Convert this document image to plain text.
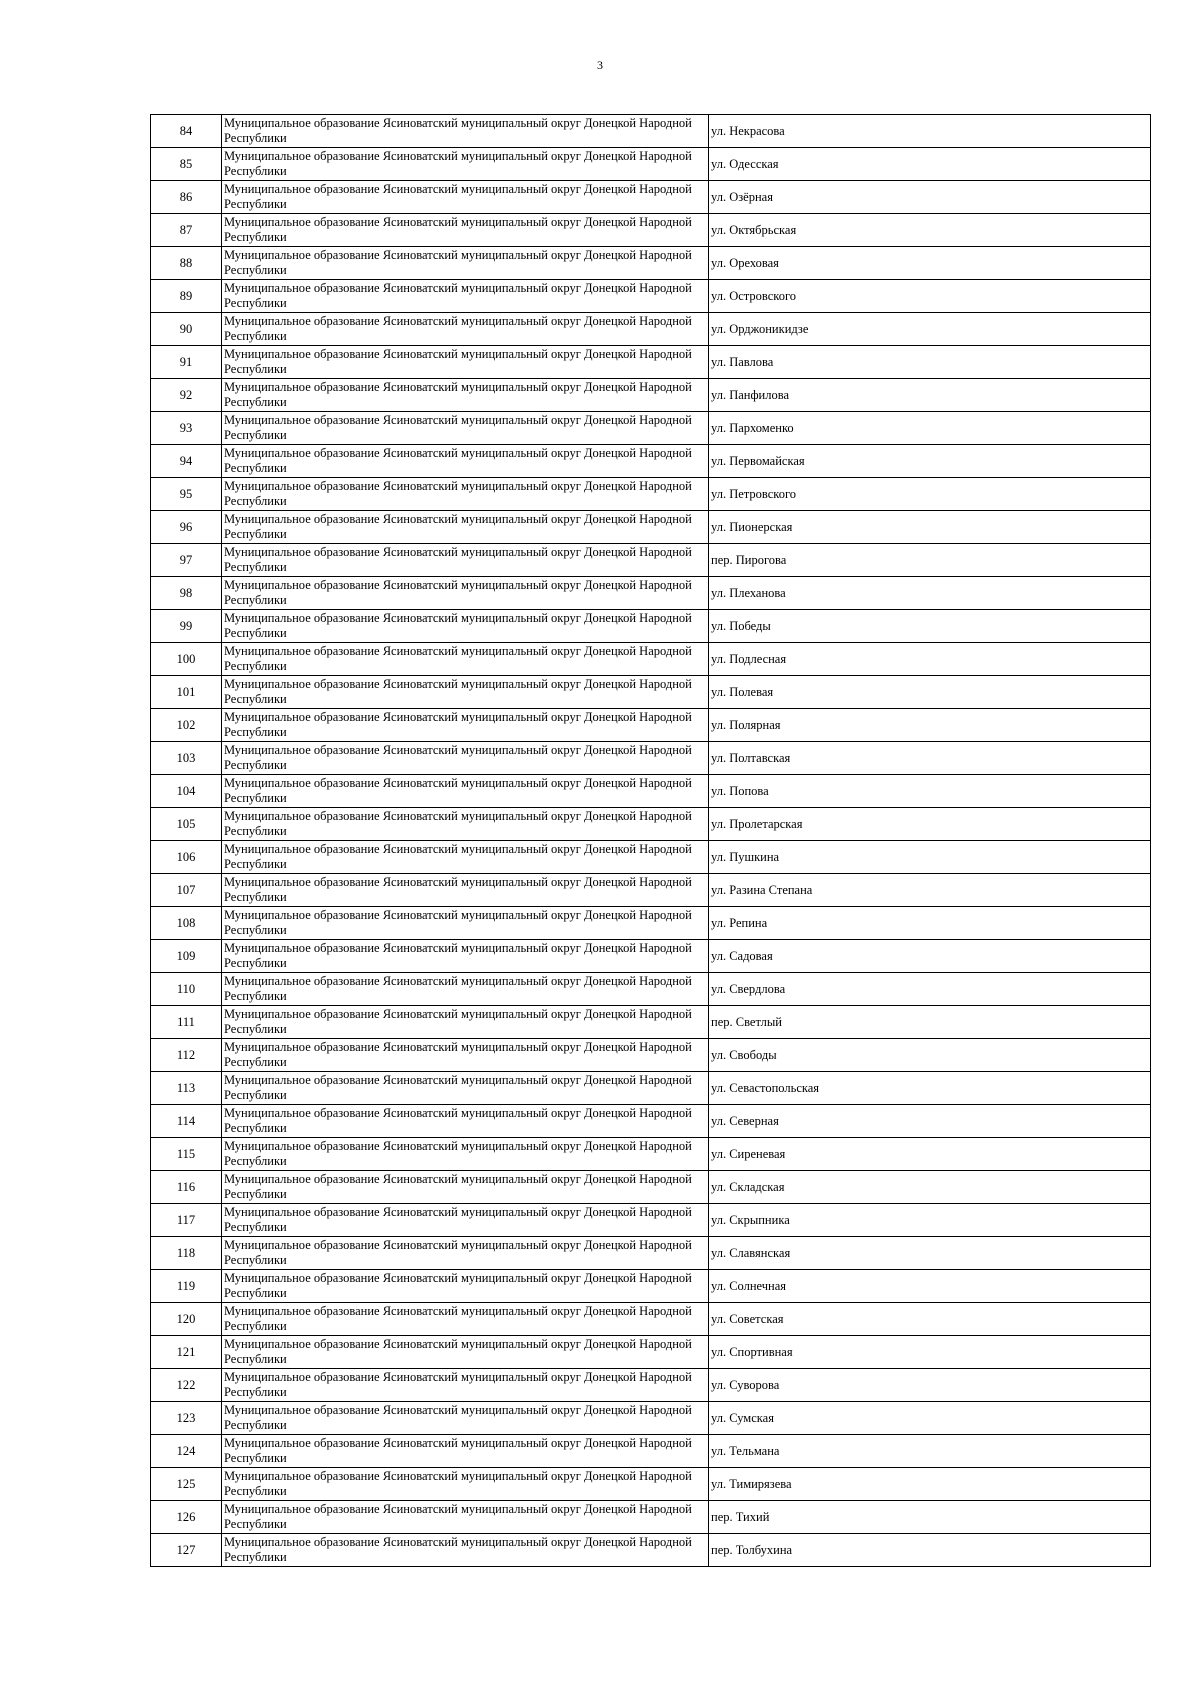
3
84	Муниципальное образование Ясиноватский муниципальный округ Донецкой Народной Республики	ул. Некрасова
85	Муниципальное образование Ясиноватский муниципальный округ Донецкой Народной Республики	ул. Одесская
86	Муниципальное образование Ясиноватский муниципальный округ Донецкой Народной Республики	ул. Озёрная
87	Муниципальное образование Ясиноватский муниципальный округ Донецкой Народной Республики	ул. Октябрьская
88	Муниципальное образование Ясиноватский муниципальный округ Донецкой Народной Республики	ул. Ореховая
89	Муниципальное образование Ясиноватский муниципальный округ Донецкой Народной Республики	ул. Островского
90	Муниципальное образование Ясиноватский муниципальный округ Донецкой Народной Республики	ул. Орджоникидзе
91	Муниципальное образование Ясиноватский муниципальный округ Донецкой Народной Республики	ул. Павлова
92	Муниципальное образование Ясиноватский муниципальный округ Донецкой Народной Республики	ул. Панфилова
93	Муниципальное образование Ясиноватский муниципальный округ Донецкой Народной Республики	ул. Пархоменко
94	Муниципальное образование Ясиноватский муниципальный округ Донецкой Народной Республики	ул. Первомайская
95	Муниципальное образование Ясиноватский муниципальный округ Донецкой Народной Республики	ул. Петровского
96	Муниципальное образование Ясиноватский муниципальный округ Донецкой Народной Республики	ул. Пионерская
97	Муниципальное образование Ясиноватский муниципальный округ Донецкой Народной Республики	пер. Пирогова
98	Муниципальное образование Ясиноватский муниципальный округ Донецкой Народной Республики	ул. Плеханова
99	Муниципальное образование Ясиноватский муниципальный округ Донецкой Народной Республики	ул. Победы
100	Муниципальное образование Ясиноватский муниципальный округ Донецкой Народной Республики	ул. Подлесная
101	Муниципальное образование Ясиноватский муниципальный округ Донецкой Народной Республики	ул. Полевая
102	Муниципальное образование Ясиноватский муниципальный округ Донецкой Народной Республики	ул. Полярная
103	Муниципальное образование Ясиноватский муниципальный округ Донецкой Народной Республики	ул. Полтавская
104	Муниципальное образование Ясиноватский муниципальный округ Донецкой Народной Республики	ул. Попова
105	Муниципальное образование Ясиноватский муниципальный округ Донецкой Народной Республики	ул. Пролетарская
106	Муниципальное образование Ясиноватский муниципальный округ Донецкой Народной Республики	ул. Пушкина
107	Муниципальное образование Ясиноватский муниципальный округ Донецкой Народной Республики	ул. Разина Степана
108	Муниципальное образование Ясиноватский муниципальный округ Донецкой Народной Республики	ул. Репина
109	Муниципальное образование Ясиноватский муниципальный округ Донецкой Народной Республики	ул. Садовая
110	Муниципальное образование Ясиноватский муниципальный округ Донецкой Народной Республики	ул. Свердлова
111	Муниципальное образование Ясиноватский муниципальный округ Донецкой Народной Республики	пер. Светлый
112	Муниципальное образование Ясиноватский муниципальный округ Донецкой Народной Республики	ул. Свободы
113	Муниципальное образование Ясиноватский муниципальный округ Донецкой Народной Республики	ул. Севастопольская
114	Муниципальное образование Ясиноватский муниципальный округ Донецкой Народной Республики	ул. Северная
115	Муниципальное образование Ясиноватский муниципальный округ Донецкой Народной Республики	ул. Сиреневая
116	Муниципальное образование Ясиноватский муниципальный округ Донецкой Народной Республики	ул. Складская
117	Муниципальное образование Ясиноватский муниципальный округ Донецкой Народной Республики	ул. Скрыпника
118	Муниципальное образование Ясиноватский муниципальный округ Донецкой Народной Республики	ул. Славянская
119	Муниципальное образование Ясиноватский муниципальный округ Донецкой Народной Республики	ул. Солнечная
120	Муниципальное образование Ясиноватский муниципальный округ Донецкой Народной Республики	ул. Советская
121	Муниципальное образование Ясиноватский муниципальный округ Донецкой Народной Республики	ул. Спортивная
122	Муниципальное образование Ясиноватский муниципальный округ Донецкой Народной Республики	ул. Суворова
123	Муниципальное образование Ясиноватский муниципальный округ Донецкой Народной Республики	ул. Сумская
124	Муниципальное образование Ясиноватский муниципальный округ Донецкой Народной Республики	ул. Тельмана
125	Муниципальное образование Ясиноватский муниципальный округ Донецкой Народной Республики	ул. Тимирязева
126	Муниципальное образование Ясиноватский муниципальный округ Донецкой Народной Республики	пер. Тихий
127	Муниципальное образование Ясиноватский муниципальный округ Донецкой Народной Республики	пер. Толбухина
